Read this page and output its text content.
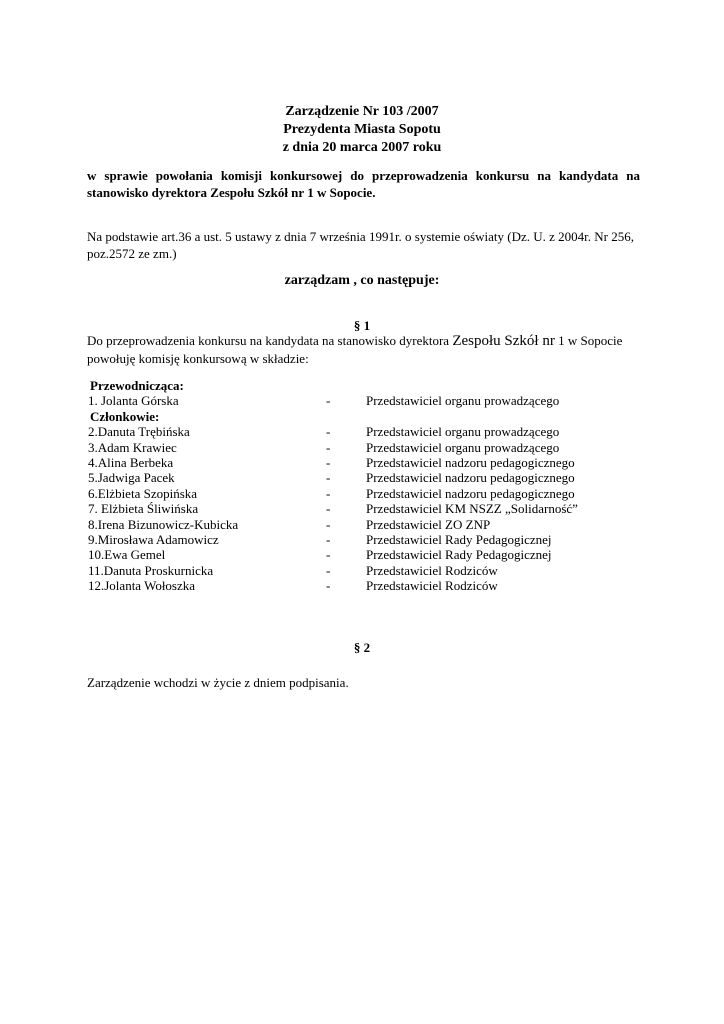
Zarządzenie Nr 103 /2007
Prezydenta Miasta Sopotu
z dnia 20 marca 2007 roku
w sprawie powołania komisji konkursowej do przeprowadzenia konkursu na kandydata na stanowisko dyrektora Zespołu Szkół nr 1 w Sopocie.
Na podstawie art.36 a ust. 5 ustawy z dnia 7 września 1991r. o systemie oświaty (Dz. U. z 2004r. Nr 256, poz.2572 ze zm.)
zarządzam , co następuje:
§ 1
Do przeprowadzenia konkursu na kandydata na stanowisko dyrektora Zespołu Szkół nr 1 w Sopocie powołuję komisję konkursową w składzie:
Przewodnicząca:
1. Jolanta Górska	-	Przedstawiciel organu prowadzącego
Członkowie:
2.Danuta Trębińska	-	Przedstawiciel organu prowadzącego
3.Adam Krawiec	-	Przedstawiciel organu prowadzącego
4.Alina Berbeka	-	Przedstawiciel nadzoru pedagogicznego
5.Jadwiga Pacek	-	Przedstawiciel nadzoru pedagogicznego
6.Elżbieta Szopińska	-	Przedstawiciel nadzoru pedagogicznego
7. Elżbieta Śliwińska	-	Przedstawiciel KM NSZZ „Solidarność”
8.Irena Bizunowicz-Kubicka	-	Przedstawiciel ZO ZNP
9.Mirosława Adamowicz	-	Przedstawiciel Rady Pedagogicznej
10.Ewa Gemel	-	Przedstawiciel Rady Pedagogicznej
11.Danuta Proskurnicka	-	Przedstawiciel Rodziców
12.Jolanta Wołoszka	-	Przedstawiciel Rodziców
§ 2
Zarządzenie wchodzi w życie z dniem podpisania.
